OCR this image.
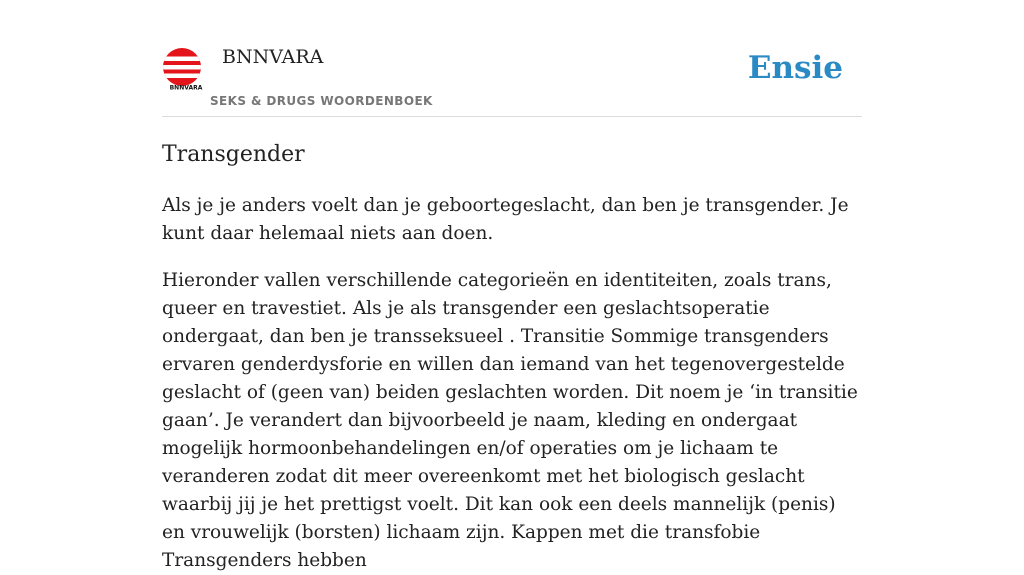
BNNVARA
BNNVARA
SEKS & DRUGS WOORDENBOEK
Ensie
Transgender

Als je je anders voelt dan je geboortegeslacht, dan ben je transgender. Je kunt daar helemaal niets aan doen.

Hieronder vallen verschillende categorieën en identiteiten, zoals trans, queer en travestiet. Als je als transgender een geslachtsoperatie ondergaat, dan ben je transseksueel . Transitie Sommige transgenders ervaren genderdysforie en willen dan iemand van het tegenovergestelde geslacht of (geen van) beiden geslachten worden. Dit noem je ‘in transitie gaan’. Je verandert dan bijvoorbeeld je naam, kleding en ondergaat mogelijk hormoonbehandelingen en/of operaties om je lichaam te veranderen zodat dit meer overeenkomt met het biologisch geslacht waarbij jij je het prettigst voelt. Dit kan ook een deels mannelijk (penis) en vrouwelijk (borsten) lichaam zijn. Kappen met die transfobie Transgenders hebben
